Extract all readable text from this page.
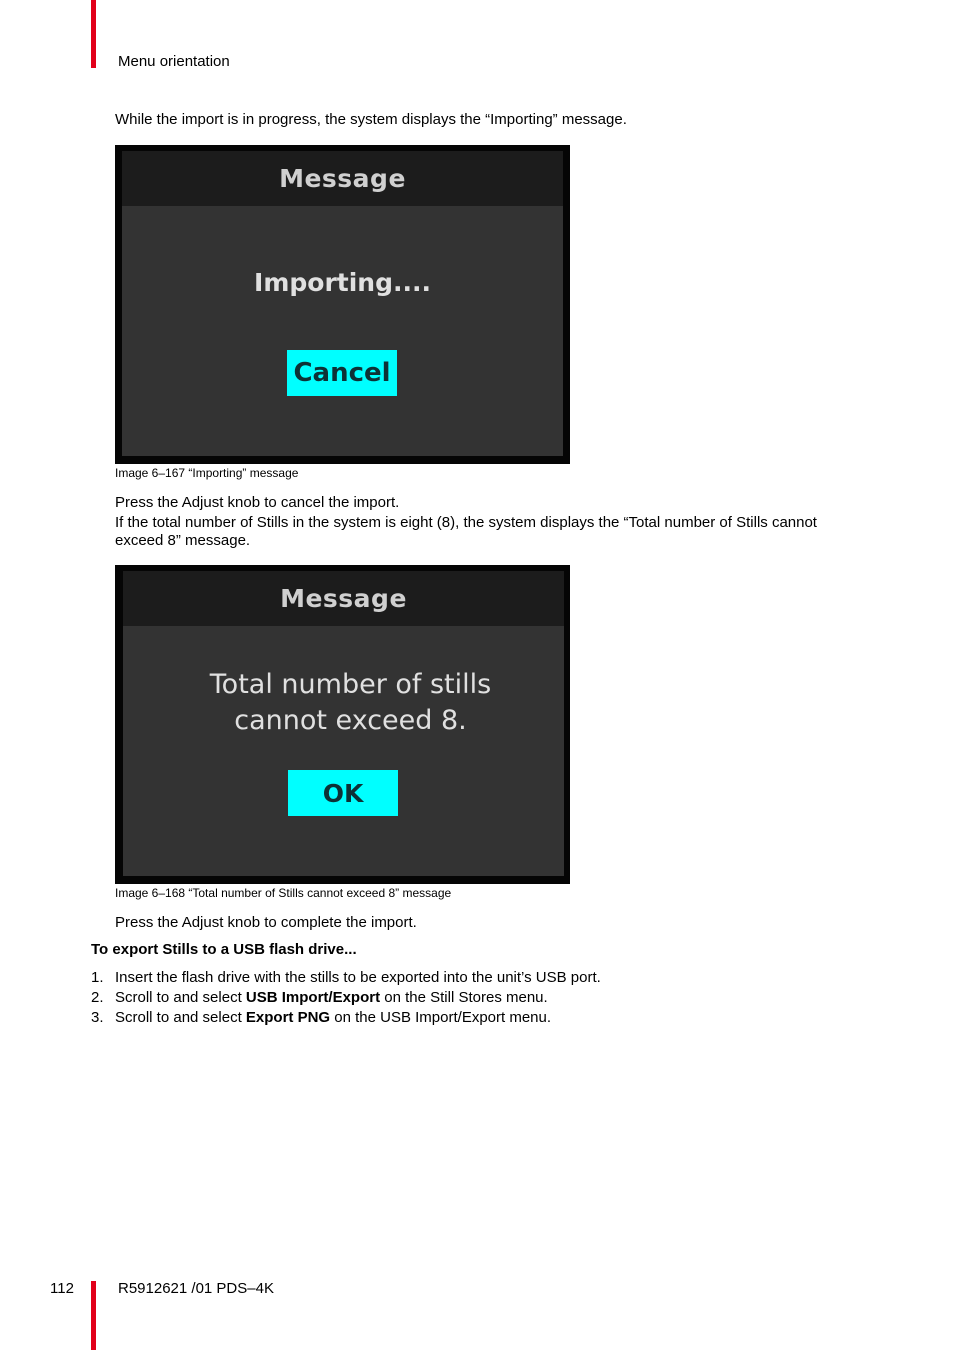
Menu orientation
While the import is in progress, the system displays the “Importing” message.
Message
Importing....
Cancel
Image 6–167 “Importing” message
Press the Adjust knob to cancel the import.
If the total number of Stills in the system is eight (8), the system displays the “Total number of Stills cannot exceed 8” message.
Message
Total number of stills
cannot exceed 8.
OK
Image 6–168 “Total number of Stills cannot exceed 8” message
Press the Adjust knob to complete the import.
To export Stills to a USB flash drive...
1. Insert the flash drive with the stills to be exported into the unit’s USB port.
2. Scroll to and select USB Import/Export on the Still Stores menu.
3. Scroll to and select Export PNG on the USB Import/Export menu.
112	R5912621 /01 PDS–4K
